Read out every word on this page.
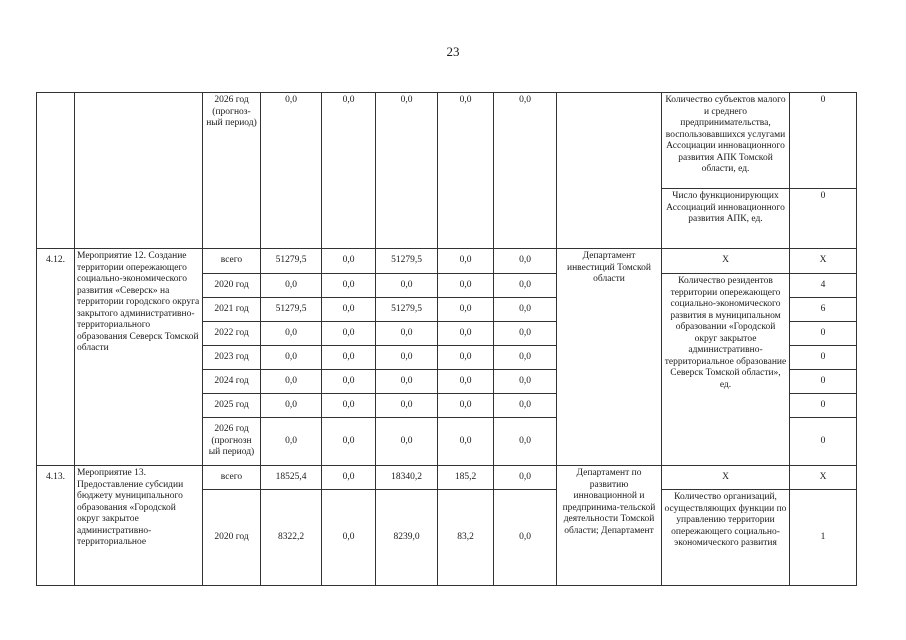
23
		2026 год (прогноз-ный период)	0,0	0,0	0,0	0,0	0,0		Количество субъектов малого и среднего предпринимательства, воспользовавшихся услугами Ассоциации инновационного развития АПК Томской области, ед.	0
									Число функционирующих Ассоциаций инновационного развития АПК, ед.	0
4.12.	Мероприятие 12. Создание территории опережающего социально-экономического развития «Северск» на территории городского округа закрытого административно-территориального образования Северск Томской области	всего	51279,5	0,0	51279,5	0,0	0,0	Департамент инвестиций Томской области	X	X
		2020 год	0,0	0,0	0,0	0,0	0,0		Количество резидентов территории опережающего социально-экономического развития в муниципальном образовании «Городской округ закрытое административно-территориальное образование Северск Томской области», ед.	4
		2021 год	51279,5	0,0	51279,5	0,0	0,0			6
		2022 год	0,0	0,0	0,0	0,0	0,0			0
		2023 год	0,0	0,0	0,0	0,0	0,0			0
		2024 год	0,0	0,0	0,0	0,0	0,0			0
		2025 год	0,0	0,0	0,0	0,0	0,0			0
		2026 год (прогнозн ый период)	0,0	0,0	0,0	0,0	0,0			0
4.13.	Мероприятие 13. Предоставление субсидии бюджету муниципального образования «Городской округ закрытое административно-территориальное	всего	18525,4	0,0	18340,2	185,2	0,0	Департамент по развитию инновационной и предпринима-тельской деятельности Томской области; Департамент	X	X
		2020 год	8322,2	0,0	8239,0	83,2	0,0		Количество организаций, осуществляющих функции по управлению территории опережающего социально-экономического развития	1
